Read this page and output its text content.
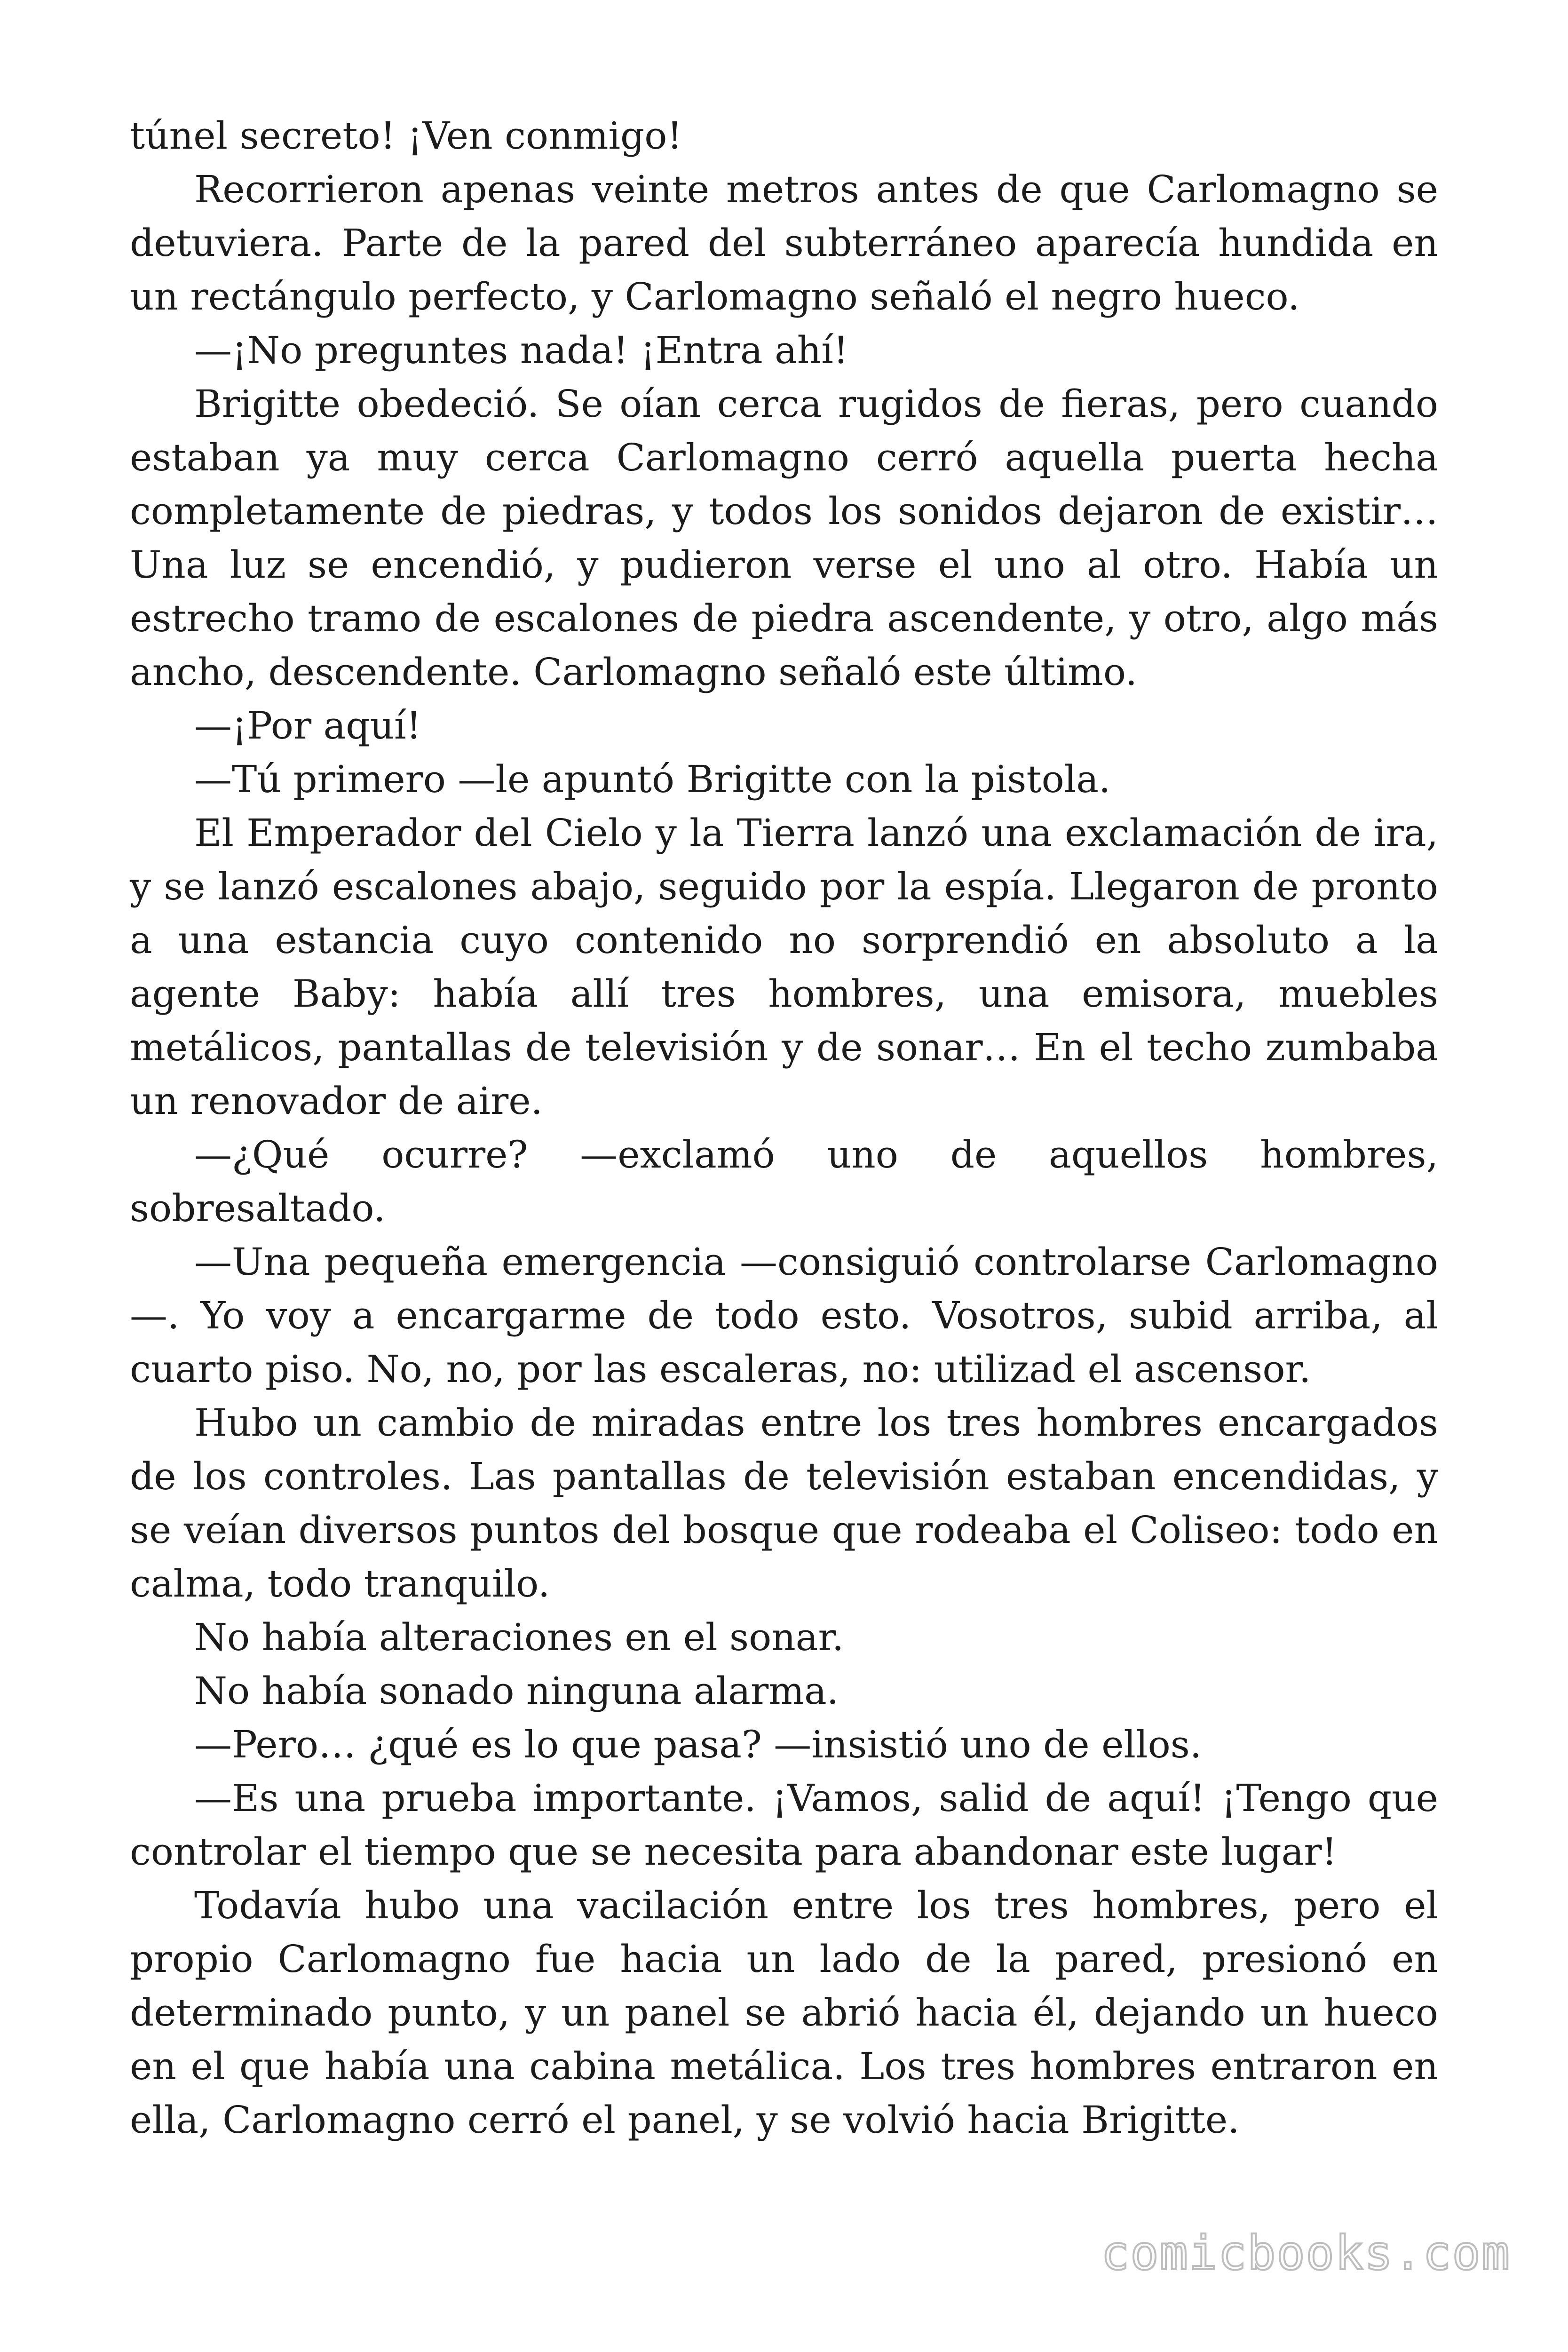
túnel secreto! ¡Ven conmigo!

Recorrieron apenas veinte metros antes de que Carlomagno se detuviera. Parte de la pared del subterráneo aparecía hundida en un rectángulo perfecto, y Carlomagno señaló el negro hueco.

—¡No preguntes nada! ¡Entra ahí!

Brigitte obedeció. Se oían cerca rugidos de fieras, pero cuando estaban ya muy cerca Carlomagno cerró aquella puerta hecha completamente de piedras, y todos los sonidos dejaron de existir… Una luz se encendió, y pudieron verse el uno al otro. Había un estrecho tramo de escalones de piedra ascendente, y otro, algo más ancho, descendente. Carlomagno señaló este último.

—¡Por aquí!

—Tú primero —le apuntó Brigitte con la pistola.

El Emperador del Cielo y la Tierra lanzó una exclamación de ira, y se lanzó escalones abajo, seguido por la espía. Llegaron de pronto a una estancia cuyo contenido no sorprendió en absoluto a la agente Baby: había allí tres hombres, una emisora, muebles metálicos, pantallas de televisión y de sonar… En el techo zumbaba un renovador de aire.

—¿Qué ocurre? —exclamó uno de aquellos hombres, sobresaltado.

—Una pequeña emergencia —consiguió controlarse Carlomagno —. Yo voy a encargarme de todo esto. Vosotros, subid arriba, al cuarto piso. No, no, por las escaleras, no: utilizad el ascensor.

Hubo un cambio de miradas entre los tres hombres encargados de los controles. Las pantallas de televisión estaban encendidas, y se veían diversos puntos del bosque que rodeaba el Coliseo: todo en calma, todo tranquilo.

No había alteraciones en el sonar.

No había sonado ninguna alarma.

—Pero… ¿qué es lo que pasa? —insistió uno de ellos.

—Es una prueba importante. ¡Vamos, salid de aquí! ¡Tengo que controlar el tiempo que se necesita para abandonar este lugar!

Todavía hubo una vacilación entre los tres hombres, pero el propio Carlomagno fue hacia un lado de la pared, presionó en determinado punto, y un panel se abrió hacia él, dejando un hueco en el que había una cabina metálica. Los tres hombres entraron en ella, Carlomagno cerró el panel, y se volvió hacia Brigitte.

comicbooks.com
